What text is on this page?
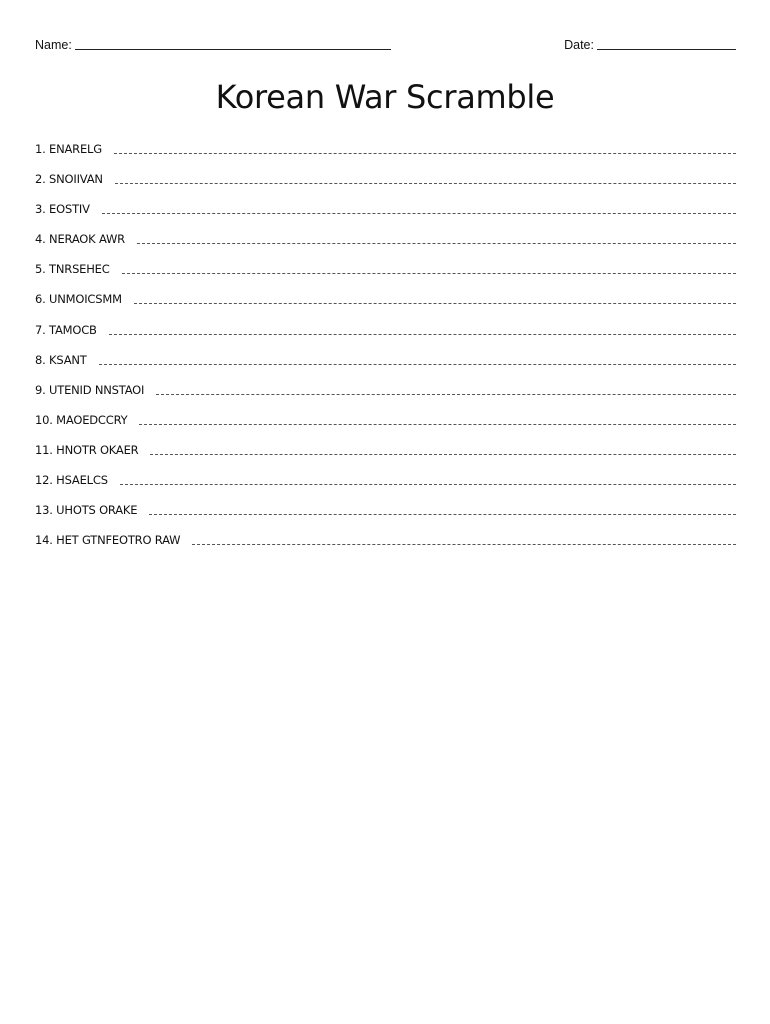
Name:	Date:
Korean War Scramble
1.
ENARELG
2.
SNOIIVAN
3.
EOSTIV
4.
NERAOK AWR
5.
TNRSEHEC
6.
UNMOICSMM
7.
TAMOCB
8.
KSANT
9.
UTENID NNSTAOI
10.
MAOEDCCRY
11.
HNOTR OKAER
12.
HSAELCS
13.
UHOTS ORAKE
14.
HET GTNFEOTRO RAW
